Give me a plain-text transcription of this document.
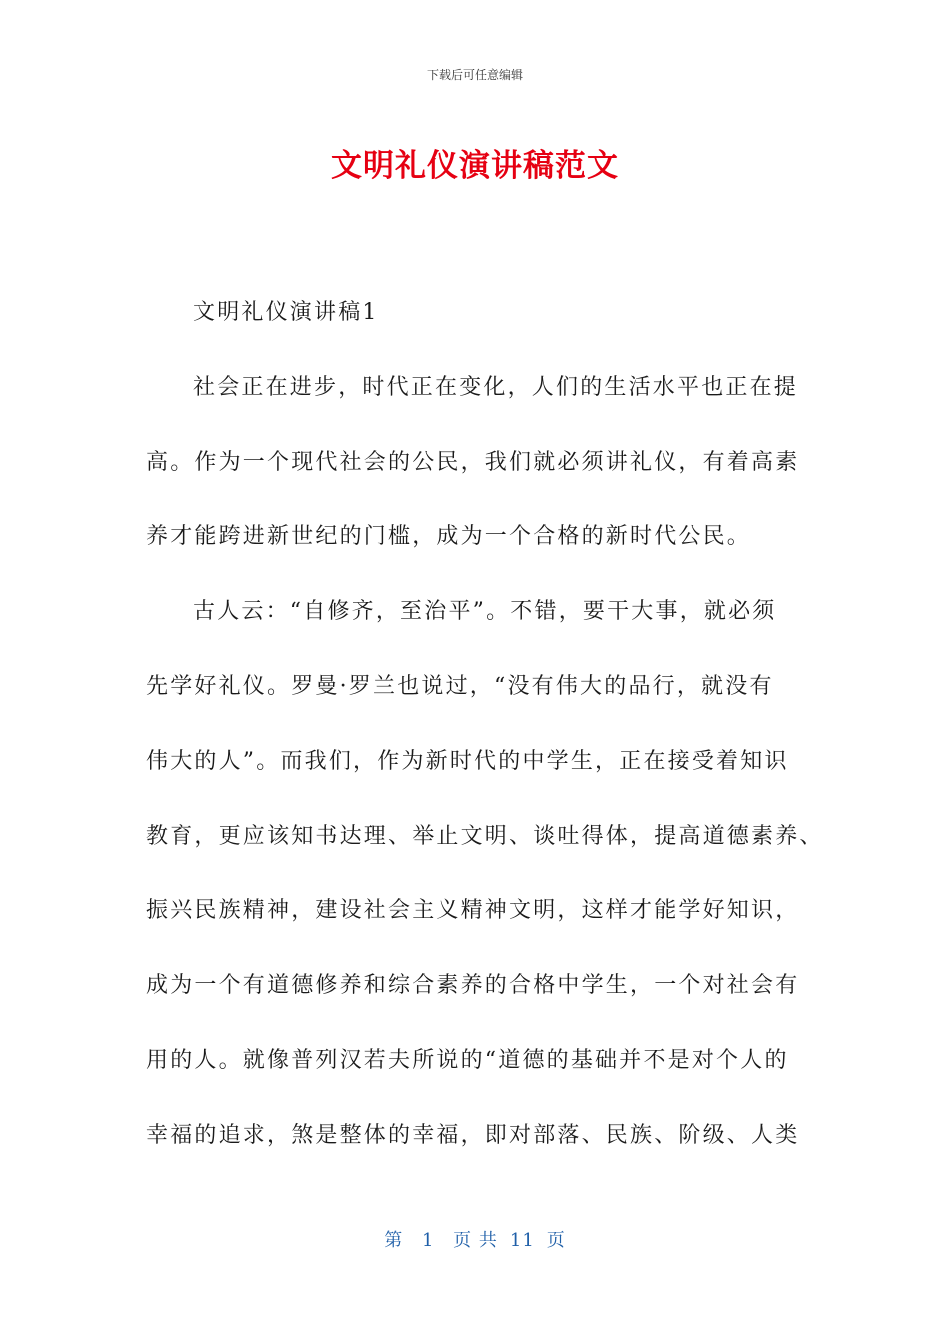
下载后可任意编辑
文明礼仪演讲稿范文

文明礼仪演讲稿1

社会正在进步，时代正在变化，人们的生活水平也正在提

高。作为一个现代社会的公民，我们就必须讲礼仪，有着高素

养才能跨进新世纪的门槛，成为一个合格的新时代公民。

古人云：“自修齐，至治平”。不错，要干大事，就必须

先学好礼仪。罗曼·罗兰也说过，“没有伟大的品行，就没有

伟大的人”。而我们，作为新时代的中学生，正在接受着知识

教育，更应该知书达理、举止文明、谈吐得体，提高道德素养、

振兴民族精神，建设社会主义精神文明，这样才能学好知识，

成为一个有道德修养和综合素养的合格中学生，一个对社会有

用的人。就像普列汉若夫所说的“道德的基础并不是对个人的

幸福的追求，煞是整体的幸福，即对部落、民族、阶级、人类

第 1 页 共 11 页
